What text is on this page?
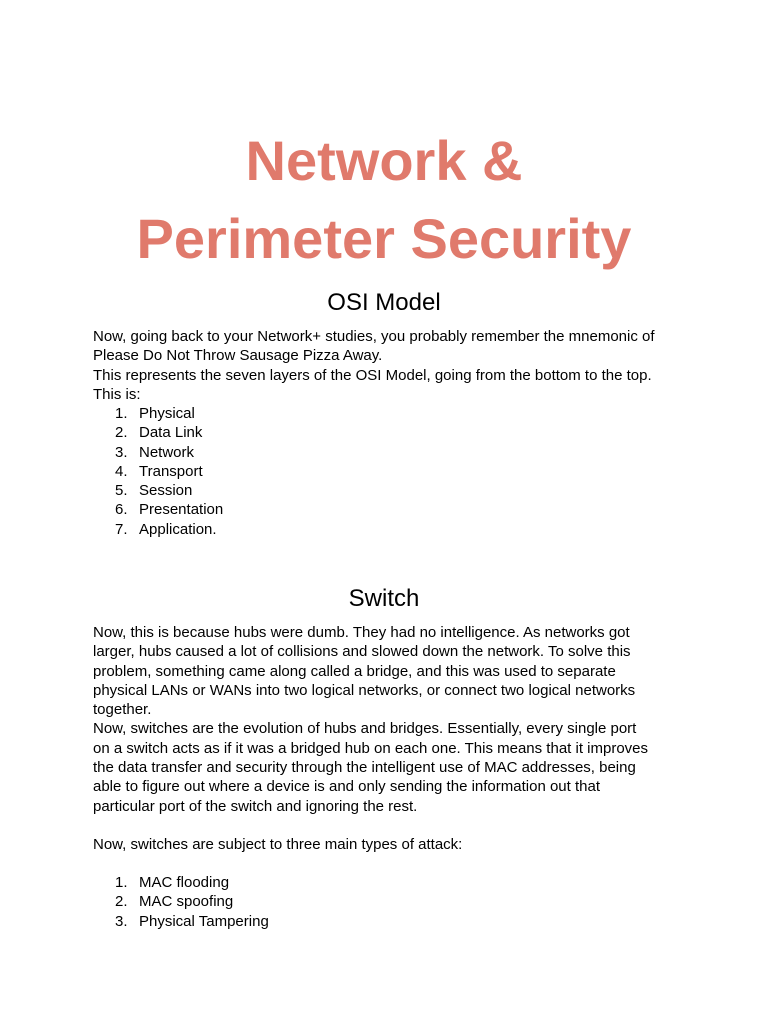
Network &
Perimeter Security
OSI Model

Now, going back to your Network+ studies, you probably remember the mnemonic of
Please Do Not Throw Sausage Pizza Away.
This represents the seven layers of the OSI Model, going from the bottom to the top.
This is:

1. Physical
2. Data Link
3. Network
4. Transport
5. Session
6. Presentation
7. Application.
Switch

Now, this is because hubs were dumb. They had no intelligence. As networks got
larger, hubs caused a lot of collisions and slowed down the network. To solve this
problem, something came along called a bridge, and this was used to separate
physical LANs or WANs into two logical networks, or connect two logical networks
together.
Now, switches are the evolution of hubs and bridges. Essentially, every single port
on a switch acts as if it was a bridged hub on each one. This means that it improves
the data transfer and security through the intelligent use of MAC addresses, being
able to figure out where a device is and only sending the information out that
particular port of the switch and ignoring the rest.

Now, switches are subject to three main types of attack:

1. MAC flooding
2. MAC spoofing
3. Physical Tampering
